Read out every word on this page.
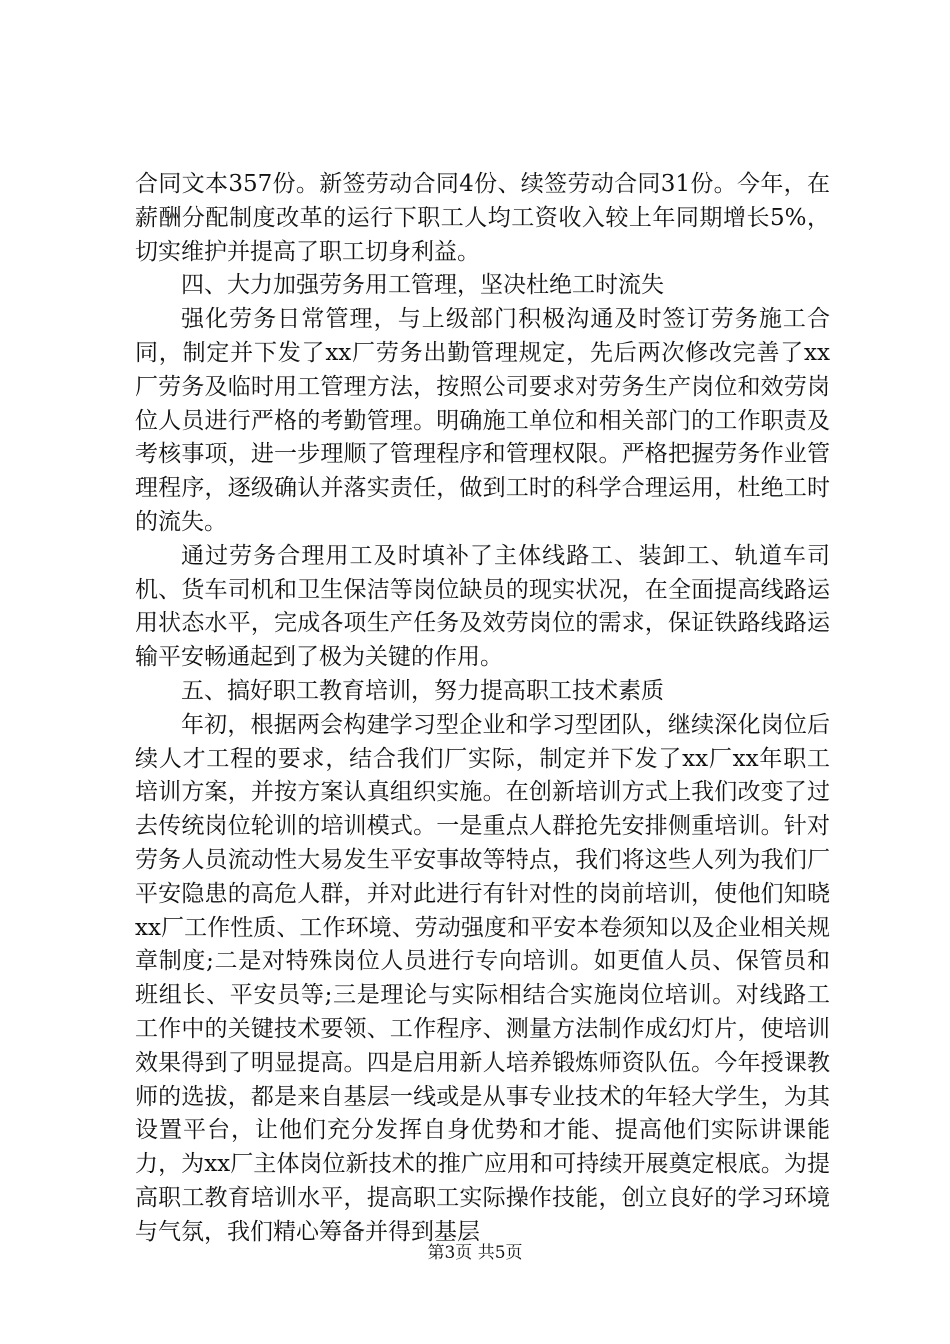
合同文本357份。新签劳动合同4份、续签劳动合同31份。今年，在薪酬分配制度改革的运行下职工人均工资收入较上年同期增长5%，切实维护并提高了职工切身利益。

四、大力加强劳务用工管理，坚决杜绝工时流失

强化劳务日常管理，与上级部门积极沟通及时签订劳务施工合同，制定并下发了xx厂劳务出勤管理规定，先后两次修改完善了xx厂劳务及临时用工管理方法，按照公司要求对劳务生产岗位和效劳岗位人员进行严格的考勤管理。明确施工单位和相关部门的工作职责及考核事项，进一步理顺了管理程序和管理权限。严格把握劳务作业管理程序，逐级确认并落实责任，做到工时的科学合理运用，杜绝工时的流失。

通过劳务合理用工及时填补了主体线路工、装卸工、轨道车司机、货车司机和卫生保洁等岗位缺员的现实状况，在全面提高线路运用状态水平，完成各项生产任务及效劳岗位的需求，保证铁路线路运输平安畅通起到了极为关键的作用。

五、搞好职工教育培训，努力提高职工技术素质

年初，根据两会构建学习型企业和学习型团队，继续深化岗位后续人才工程的要求，结合我们厂实际，制定并下发了xx厂xx年职工培训方案，并按方案认真组织实施。在创新培训方式上我们改变了过去传统岗位轮训的培训模式。一是重点人群抢先安排侧重培训。针对劳务人员流动性大易发生平安事故等特点，我们将这些人列为我们厂平安隐患的高危人群，并对此进行有针对性的岗前培训，使他们知晓xx厂工作性质、工作环境、劳动强度和平安本卷须知以及企业相关规章制度;二是对特殊岗位人员进行专向培训。如更值人员、保管员和班组长、平安员等;三是理论与实际相结合实施岗位培训。对线路工工作中的关键技术要领、工作程序、测量方法制作成幻灯片，使培训效果得到了明显提高。四是启用新人培养锻炼师资队伍。今年授课教师的选拔，都是来自基层一线或是从事专业技术的年轻大学生，为其设置平台，让他们充分发挥自身优势和才能、提高他们实际讲课能力，为xx厂主体岗位新技术的推广应用和可持续开展奠定根底。为提高职工教育培训水平，提高职工实际操作技能，创立良好的学习环境与气氛，我们精心筹备并得到基层

第3页 共5页
